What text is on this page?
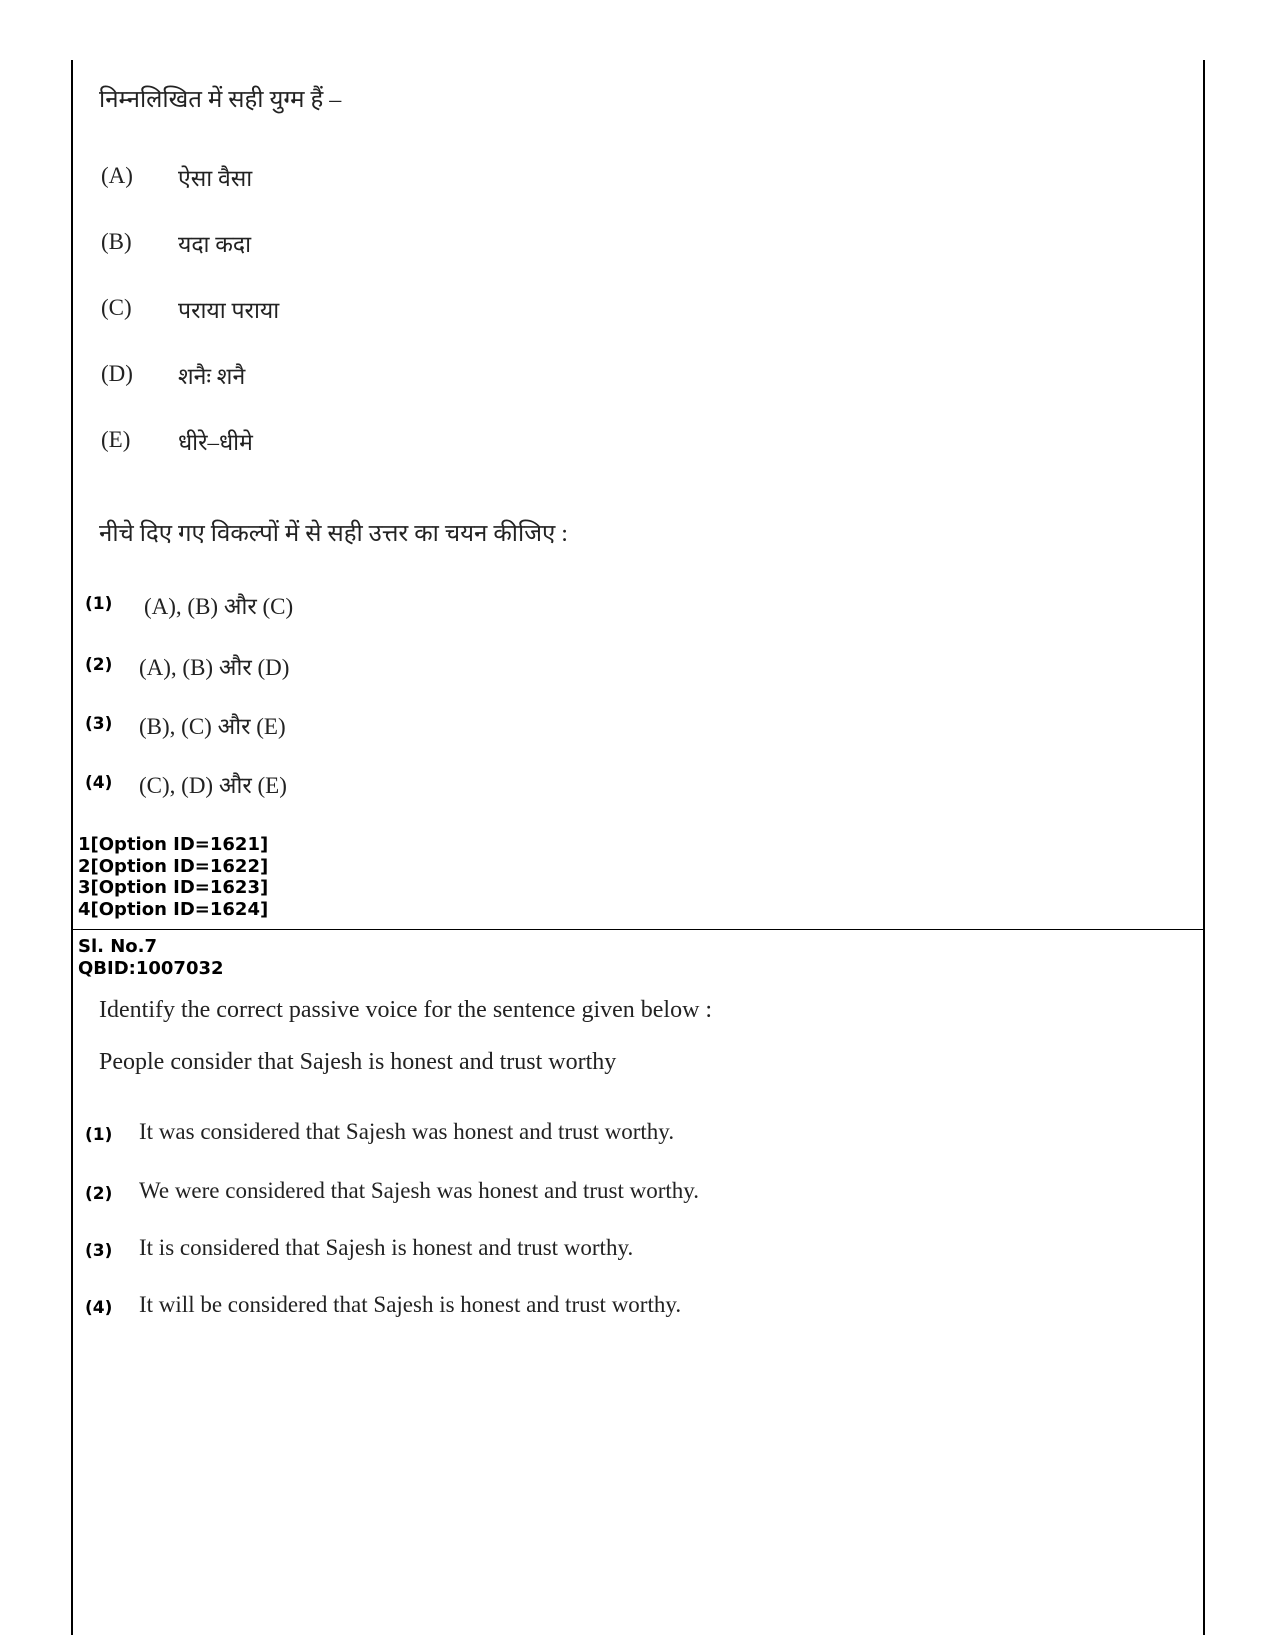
निम्नलिखित में सही युग्म हैं –
(A) ऐसा वैसा
(B) यदा कदा
(C) पराया पराया
(D) शनैः शनै
(E) धीरे–धीमे
नीचे दिए गए विकल्पों में से सही उत्तर का चयन कीजिए :
(1) (A), (B) और (C)
(2) (A), (B) और (D)
(3) (B), (C) और (E)
(4) (C), (D) और (E)
1[Option ID=1621]
2[Option ID=1622]
3[Option ID=1623]
4[Option ID=1624]
Sl. No.7
QBID:1007032
Identify the correct passive voice for the sentence given below :
People consider that Sajesh is honest and trust worthy
(1) It was considered that Sajesh was honest and trust worthy.
(2) We were considered that Sajesh was honest and trust worthy.
(3) It is considered that Sajesh is honest and trust worthy.
(4) It will be considered that Sajesh is honest and trust worthy.
